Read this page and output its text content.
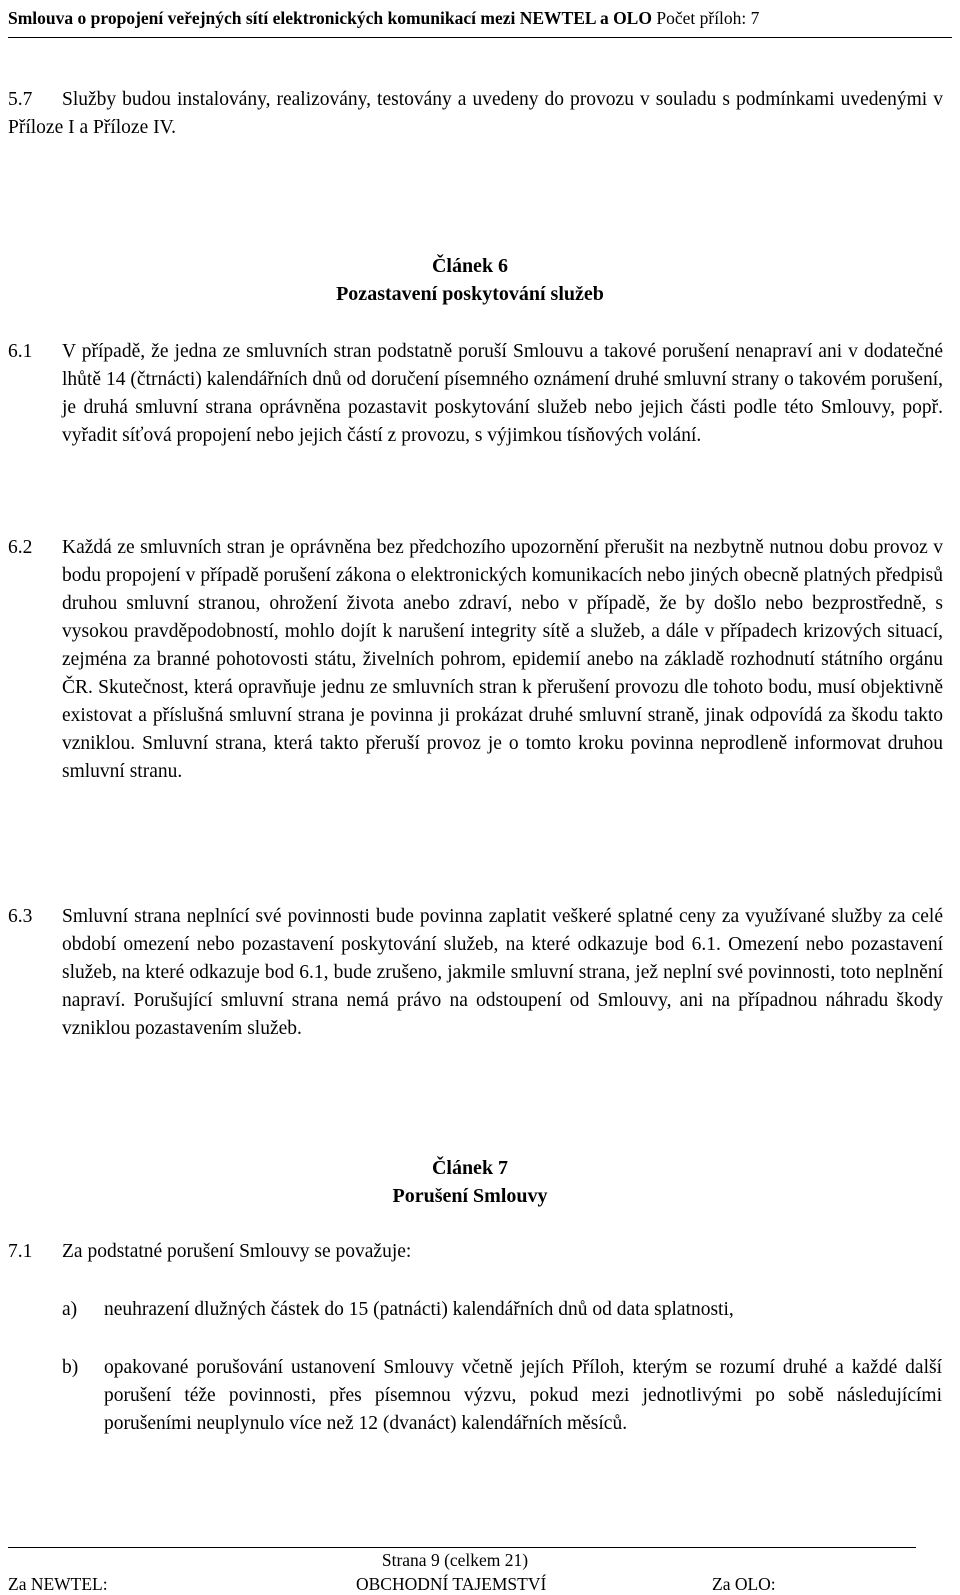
Smlouva o propojení veřejných sítí elektronických komunikací mezi NEWTEL a OLO Počet příloh: 7
Služby budou instalovány, realizovány, testovány a uvedeny do provozu v souladu s podmínkami uvedenými v Příloze I a Příloze IV.
5.7
Článek 6
Pozastavení poskytování služeb
6.1 V případě, že jedna ze smluvních stran podstatně poruší Smlouvu a takové porušení nenapraví ani v dodatečné lhůtě 14 (čtrnácti) kalendářních dnů od doručení písemného oznámení druhé smluvní strany o takovém porušení, je druhá smluvní strana oprávněna pozastavit poskytování služeb nebo jejich části podle této Smlouvy, popř. vyřadit síťová propojení nebo jejich částí z provozu, s výjimkou tísňových volání.
6.2 Každá ze smluvních stran je oprávněna bez předchozího upozornění přerušit na nezbytně nutnou dobu provoz v bodu propojení v případě porušení zákona o elektronických komunikacích nebo jiných obecně platných předpisů druhou smluvní stranou, ohrožení života anebo zdraví, nebo v případě, že by došlo nebo bezprostředně, s vysokou pravděpodobností, mohlo dojít k narušení integrity sítě a služeb, a dále v případech krizových situací, zejména za branné pohotovosti státu, živelních pohrom, epidemií anebo na základě rozhodnutí státního orgánu ČR. Skutečnost, která opravňuje jednu ze smluvních stran k přerušení provozu dle tohoto bodu, musí objektivně existovat a příslušná smluvní strana je povinna ji prokázat druhé smluvní straně, jinak odpovídá za škodu takto vzniklou. Smluvní strana, která takto přeruší provoz je o tomto kroku povinna neprodleně informovat druhou smluvní stranu.
6.3 Smluvní strana neplnící své povinnosti bude povinna zaplatit veškeré splatné ceny za využívané služby za celé období omezení nebo pozastavení poskytování služeb, na které odkazuje bod 6.1. Omezení nebo pozastavení služeb, na které odkazuje bod 6.1, bude zrušeno, jakmile smluvní strana, jež neplní své povinnosti, toto neplnění napraví. Porušující smluvní strana nemá právo na odstoupení od Smlouvy, ani na případnou náhradu škody vzniklou pozastavením služeb.
Článek 7
Porušení Smlouvy
7.1 Za podstatné porušení Smlouvy se považuje:
a) neuhrazení dlužných částek do 15 (patnácti) kalendářních dnů od data splatnosti,
b) opakované porušování ustanovení Smlouvy včetně jejích Příloh, kterým se rozumí druhé a každé další porušení téže povinnosti, přes písemnou výzvu, pokud mezi jednotlivými po sobě následujícími porušeními neuplynulo více než 12 (dvanáct) kalendářních měsíců.
Strana 9 (celkem 21)
Za NEWTEL:	OBCHODNÍ TAJEMSTVÍ	Za OLO:
